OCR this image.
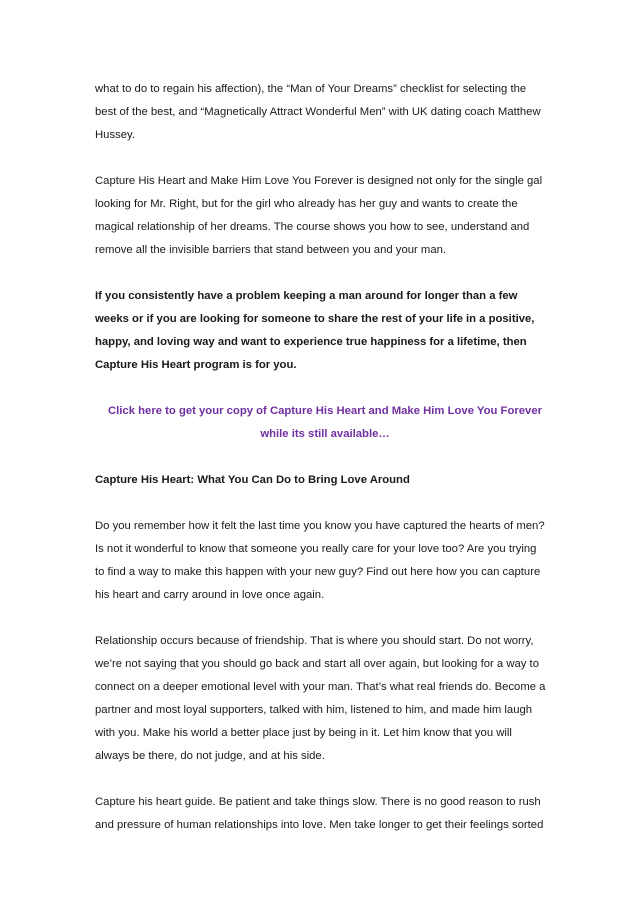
what to do to regain his affection), the “Man of Your Dreams” checklist for selecting the

best of the best, and “Magnetically Attract Wonderful Men” with UK dating coach Matthew

Hussey.

Capture His Heart and Make Him Love You Forever is designed not only for the single gal

looking for Mr. Right, but for the girl who already has her guy and wants to create the

magical relationship of her dreams. The course shows you how to see, understand and

remove all the invisible barriers that stand between you and your man.

If you consistently have a problem keeping a man around for longer than a few

weeks or if you are looking for someone to share the rest of your life in a positive,

happy, and loving way and want to experience true happiness for a lifetime, then

Capture His Heart program is for you.

Click here to get your copy of Capture His Heart and Make Him Love You Forever

while its still available…

Capture His Heart: What You Can Do to Bring Love Around

Do you remember how it felt the last time you know you have captured the hearts of men?

Is not it wonderful to know that someone you really care for your love too? Are you trying

to find a way to make this happen with your new guy? Find out here how you can capture

his heart and carry around in love once again.

Relationship occurs because of friendship. That is where you should start. Do not worry,

we’re not saying that you should go back and start all over again, but looking for a way to

connect on a deeper emotional level with your man. That’s what real friends do. Become a

partner and most loyal supporters, talked with him, listened to him, and made him laugh

with you. Make his world a better place just by being in it. Let him know that you will

always be there, do not judge, and at his side.

Capture his heart guide. Be patient and take things slow. There is no good reason to rush

and pressure of human relationships into love. Men take longer to get their feelings sorted
